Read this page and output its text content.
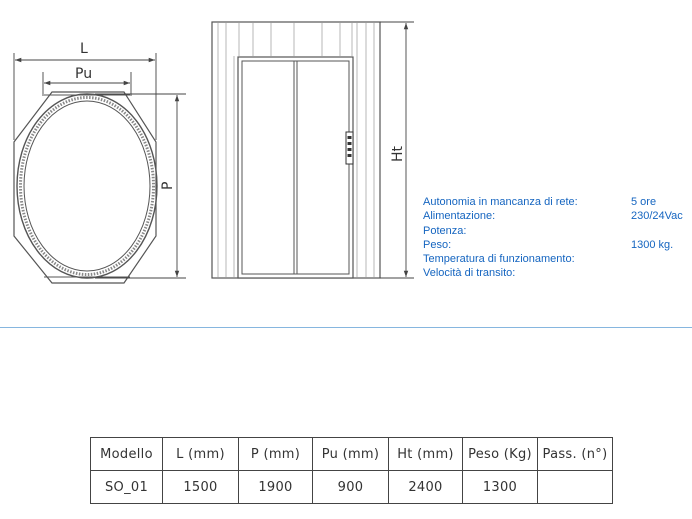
L
Pu
P
Ht
Autonomia in mancanza di rete:	5 ore
Alimentazione:	230/24Vac
Potenza:
Peso:	1300 kg.
Temperatura di funzionamento:
Velocità di transito:
Modello	L (mm)	P (mm)	Pu (mm)	Ht (mm)	Peso (Kg)	Pass. (n°)
SO_01	1500	1900	900	2400	1300	
